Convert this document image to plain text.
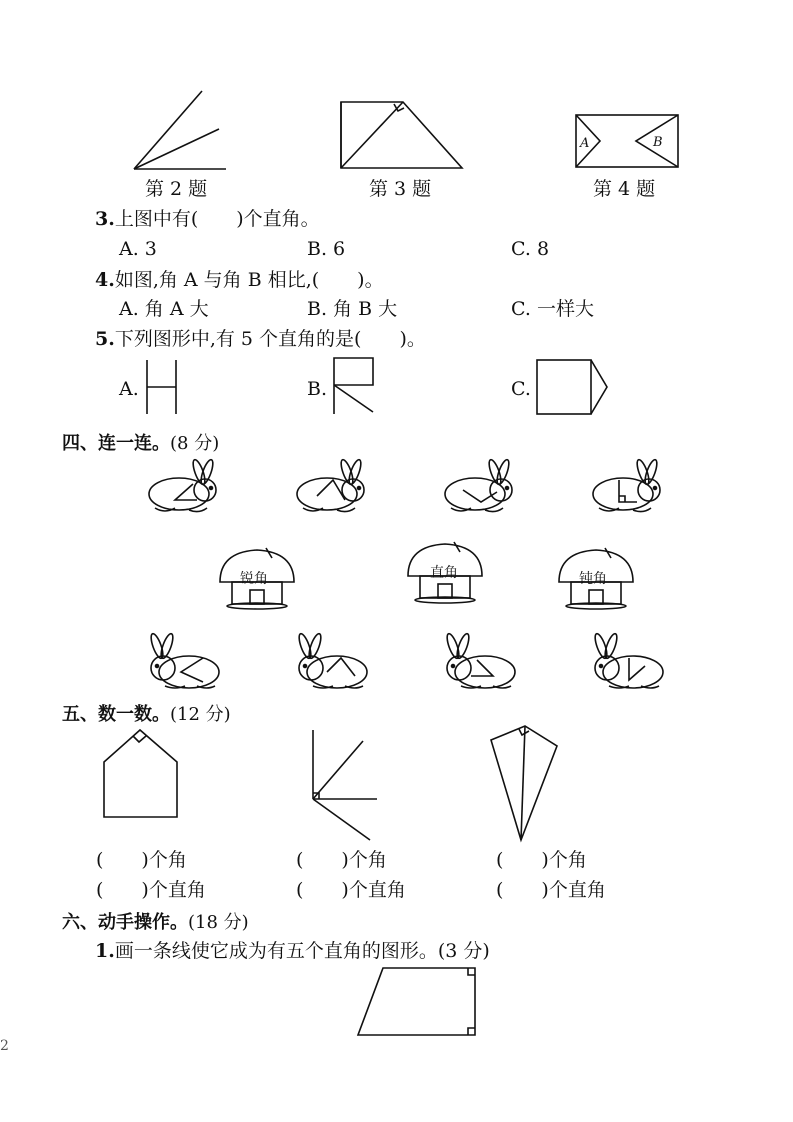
第 2 题	第 3 题
A	B
第 4 题
3.上图中有(　　)个直角。
A. 3	B. 6	C. 8
4.如图,角 A 与角 B 相比,(　　)。
A. 角 A 大	B. 角 B 大	C. 一样大
5.下列图形中,有 5 个直角的是(　　)。
A.	B.	C.
四、连一连。(8 分)
锐角	直角	钝角
五、数一数。(12 分)
(　　)个角	(　　)个角	(　　)个角
(　　)个直角	(　　)个直角	(　　)个直角
六、动手操作。(18 分)
1.画一条线使它成为有五个直角的图形。(3 分)
2
